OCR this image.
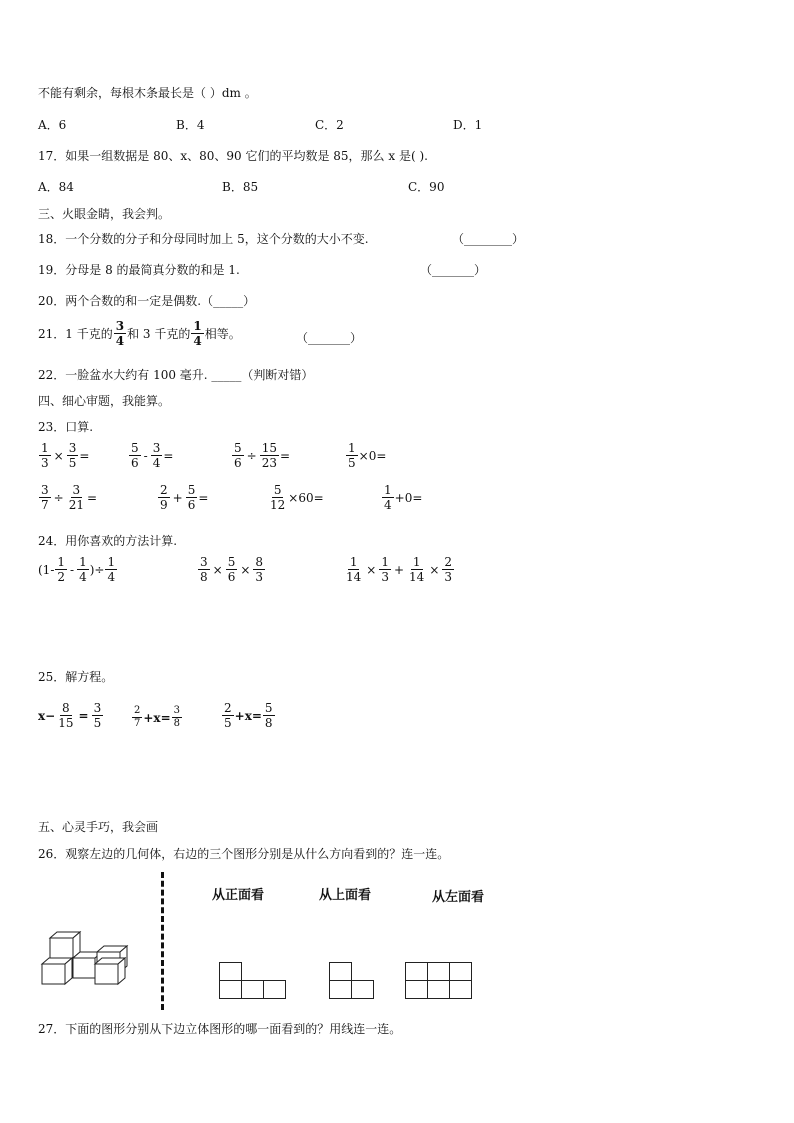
不能有剩余，每根木条最长是（ ）dm 。
A．6	B．4	C．2	D．1
17．如果一组数据是 80、x、80、90 它们的平均数是 85，那么 x 是( ).
A．84	B．85	C．90
三、火眼金睛，我会判。
18．一个分数的分子和分母同时加上 5，这个分数的大小不变.	（________）
19．分母是 8 的最简真分数的和是 1.	（_______）
20．两个合数的和一定是偶数.（_____）
21．1 千克的 $\frac{3}{4}$ 和 3 千克的 $\frac{1}{4}$ 相等。	（_______）
22．一脸盆水大约有 100 毫升. _____（判断对错）
四、细心审题，我能算。
23．口算.
$\frac{1}{3} \times \frac{3}{5}$ =	$\frac{5}{6} - \frac{3}{4}$ =	$\frac{5}{6} \div \frac{15}{23}$ =	$\frac{1}{5} \times 0=$
$\frac{3}{7} \div \frac{3}{21}$ =	$\frac{2}{9} + \frac{5}{6}$ =	$\frac{5}{12} \times 60=$	$\frac{1}{4} +0=$
24．用你喜欢的方法计算.
($1- \frac{1}{2} - \frac{1}{4}$ )÷ $\frac{1}{4}$	$\frac{3}{8} \times \frac{5}{6} \times \frac{8}{3}$	$\frac{1}{14} \times \frac{1}{3} + \frac{1}{14} \times \frac{2}{3}$
25．解方程。
$x- \frac{8}{15} = \frac{3}{5}$	$\frac{2}{7} +x= \frac{3}{8}$	$\frac{2}{5} +x= \frac{5}{8}$
五、心灵手巧，我会画
26．观察左边的几何体，右边的三个图形分别是从什么方向看到的？连一连。
从正面看	从上面看	从左面看
27．下面的图形分别从下边立体图形的哪一面看到的？用线连一连。
